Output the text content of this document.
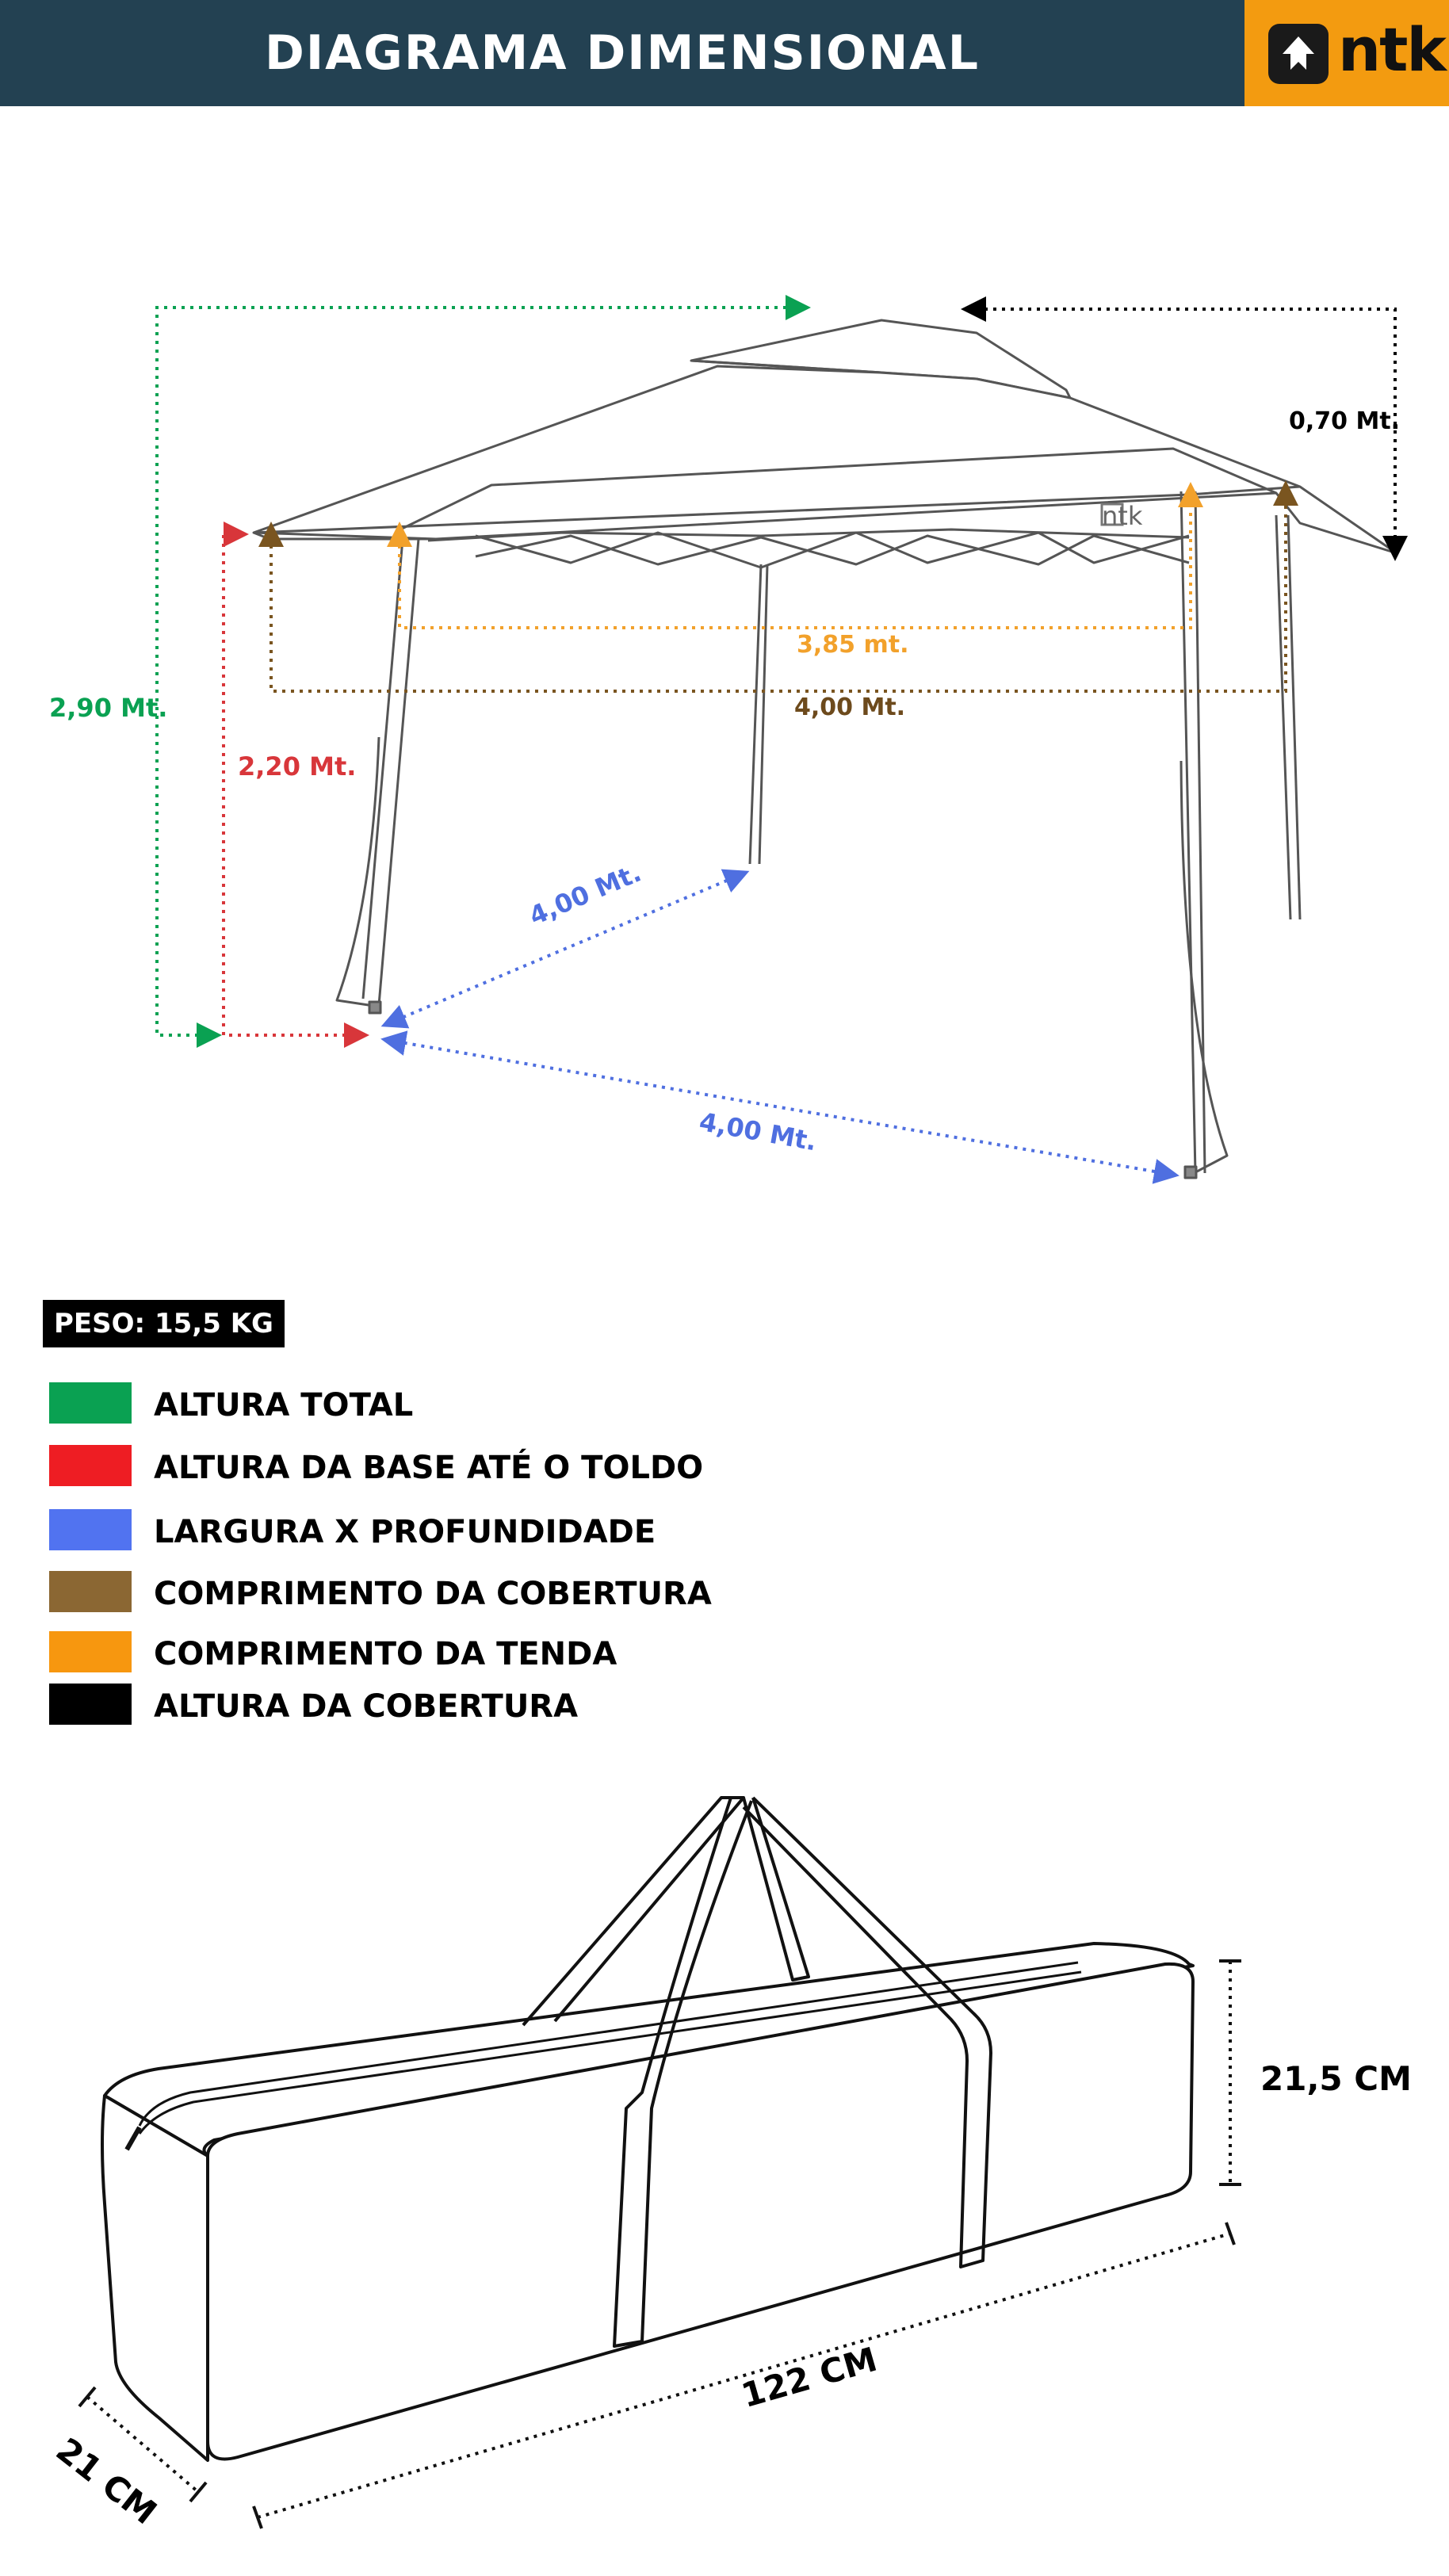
DIAGRAMA DIMENSIONAL	ntk
ntk
2,90 Mt.
2,20 Mt.
3,85 mt.
4,00 Mt.
0,70 Mt.
4,00 Mt.
4,00 Mt.
PESO: 15,5 KG
ALTURA TOTAL
ALTURA DA BASE ATÉ O TOLDO
LARGURA X PROFUNDIDADE
COMPRIMENTO DA COBERTURA
COMPRIMENTO DA TENDA
ALTURA DA COBERTURA
21,5 CM
122 CM
21 CM
